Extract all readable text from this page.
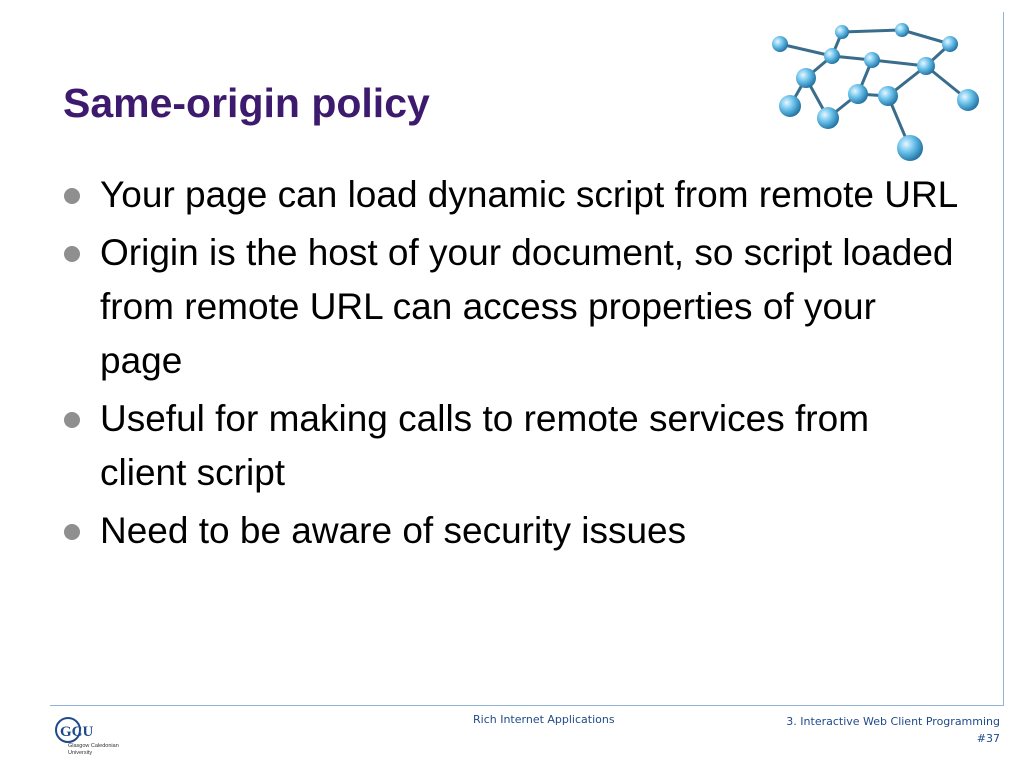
Same-origin policy
Your page can load dynamic script from remote URL
Origin is the host of your document, so script loaded from remote URL can access properties of your page
Useful for making calls to remote services from client script
Need to be aware of security issues
GCU
Glasgow Caledonian
University
Rich Internet Applications	3. Interactive Web Client Programming
#37
